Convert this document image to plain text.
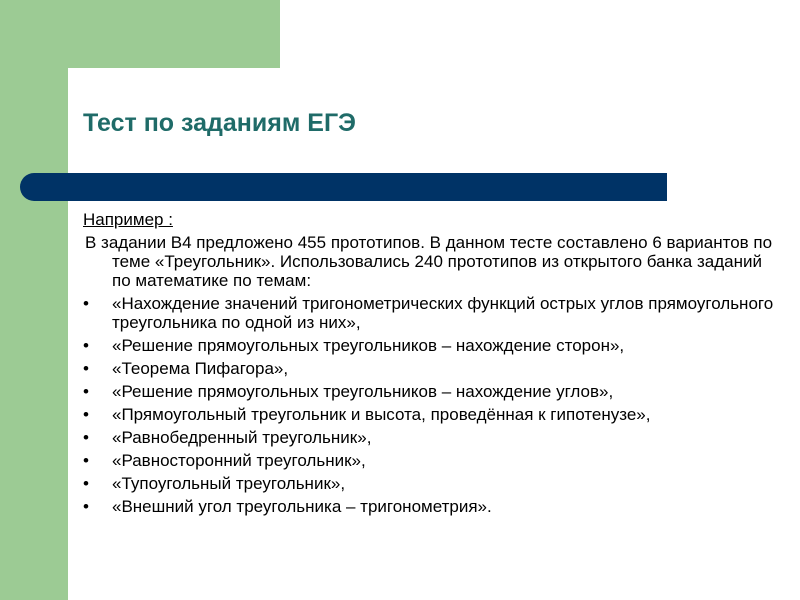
Тест по заданиям ЕГЭ
Например :
В задании В4 предложено 455 прототипов. В данном тесте составлено 6 вариантов по теме «Треугольник». Использовались 240 прототипов из открытого банка заданий по математике по темам:
• «Нахождение значений тригонометрических функций острых углов прямоугольного треугольника по одной из них»,
• «Решение прямоугольных треугольников – нахождение сторон»,
• «Теорема Пифагора»,
• «Решение прямоугольных треугольников – нахождение углов»,
• «Прямоугольный треугольник и высота, проведённая к гипотенузе»,
• «Равнобедренный треугольник»,
• «Равносторонний треугольник»,
• «Тупоугольный треугольник»,
• «Внешний угол треугольника – тригонометрия».
